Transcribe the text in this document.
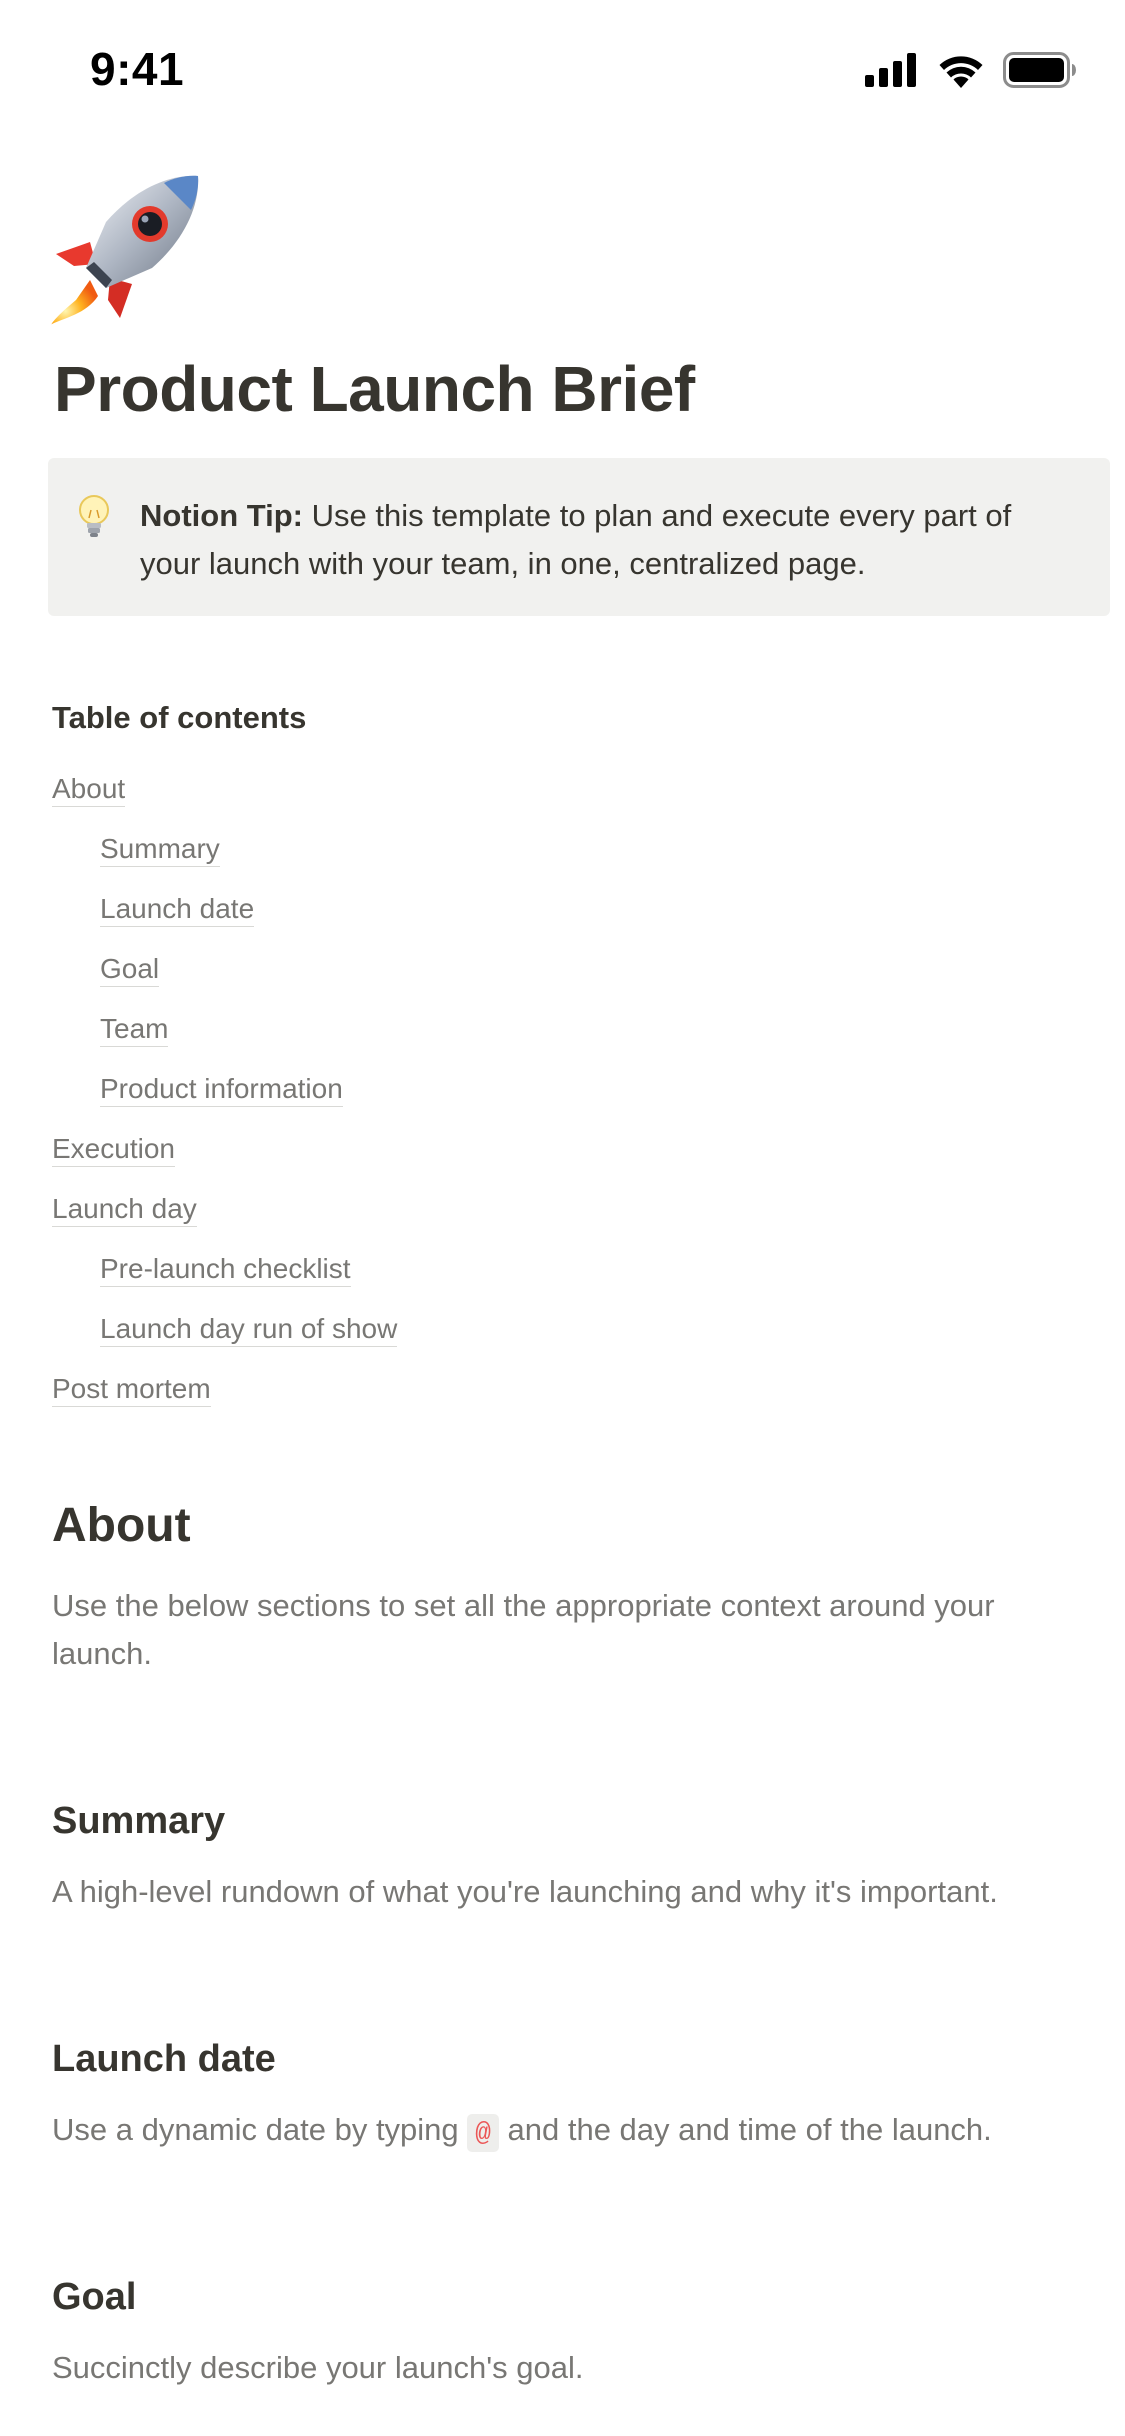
9:41
Product Launch Brief
Notion Tip: Use this template to plan and execute every part of your launch with your team, in one, centralized page.
Table of contents
About
Summary
Launch date
Goal
Team
Product information
Execution
Launch day
Pre-launch checklist
Launch day run of show
Post mortem
About

Use the below sections to set all the appropriate context around your launch.

Summary

A high-level rundown of what you're launching and why it's important.

Launch date

Use a dynamic date by typing @ and the day and time of the launch.

Goal

Succinctly describe your launch's goal.
